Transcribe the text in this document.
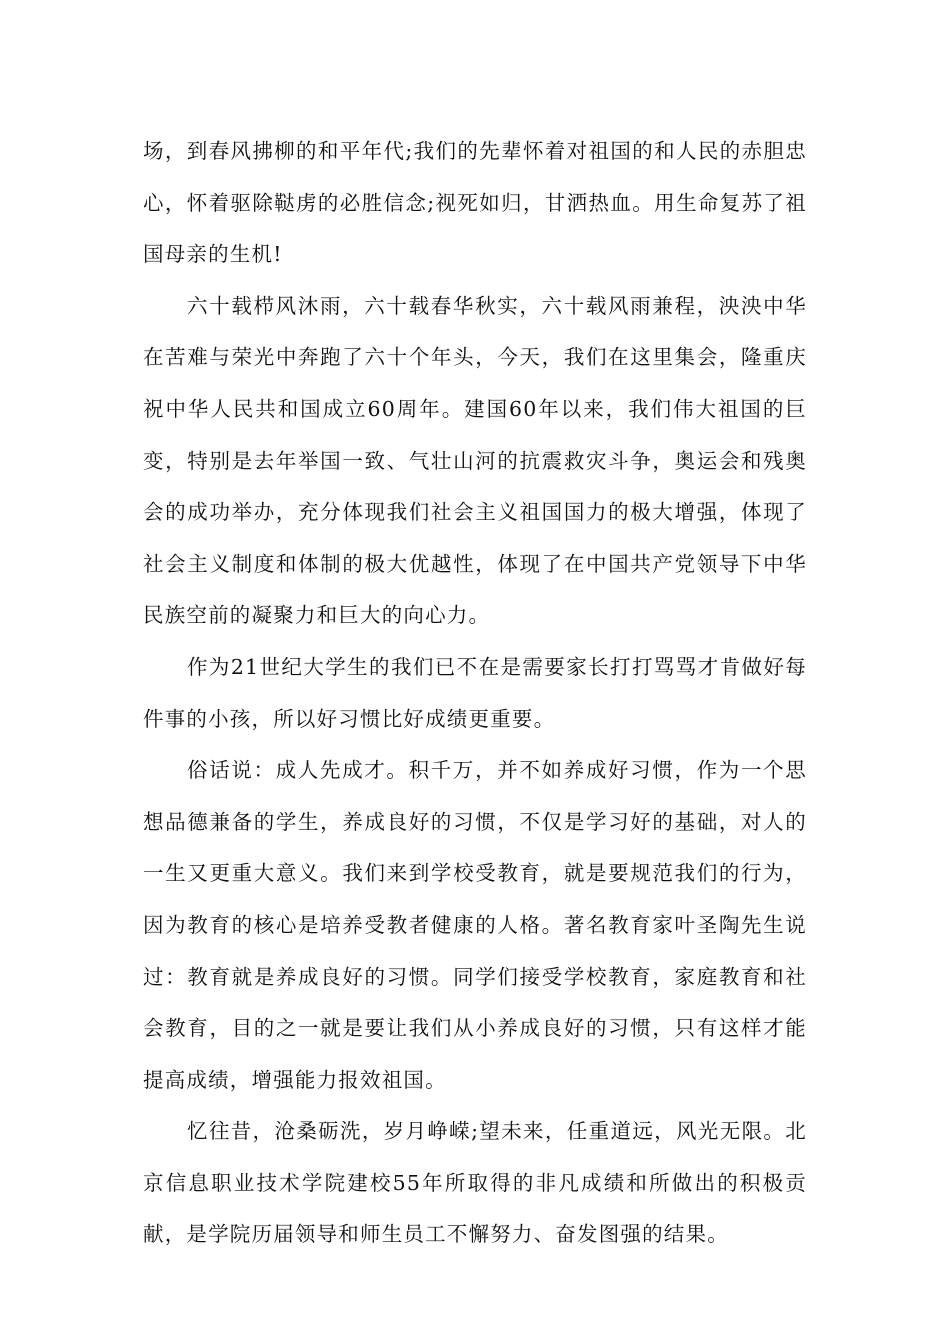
场，到春风拂柳的和平年代;我们的先辈怀着对祖国的和人民的赤胆忠心，怀着驱除鞑虏的必胜信念;视死如归，甘洒热血。用生命复苏了祖国母亲的生机!

六十载栉风沐雨，六十载春华秋实，六十载风雨兼程，泱泱中华在苦难与荣光中奔跑了六十个年头，今天，我们在这里集会，隆重庆祝中华人民共和国成立60周年。建国60年以来，我们伟大祖国的巨变，特别是去年举国一致、气壮山河的抗震救灾斗争，奥运会和残奥会的成功举办，充分体现我们社会主义祖国国力的极大增强，体现了社会主义制度和体制的极大优越性，体现了在中国共产党领导下中华民族空前的凝聚力和巨大的向心力。

作为21世纪大学生的我们已不在是需要家长打打骂骂才肯做好每件事的小孩，所以好习惯比好成绩更重要。

俗话说：成人先成才。积千万，并不如养成好习惯，作为一个思想品德兼备的学生，养成良好的习惯，不仅是学习好的基础，对人的一生又更重大意义。我们来到学校受教育，就是要规范我们的行为，因为教育的核心是培养受教者健康的人格。著名教育家叶圣陶先生说过：教育就是养成良好的习惯。同学们接受学校教育，家庭教育和社会教育，目的之一就是要让我们从小养成良好的习惯，只有这样才能提高成绩，增强能力报效祖国。

忆往昔，沧桑砺洗，岁月峥嵘;望未来，任重道远，风光无限。北京信息职业技术学院建校55年所取得的非凡成绩和所做出的积极贡献，是学院历届领导和师生员工不懈努力、奋发图强的结果。
